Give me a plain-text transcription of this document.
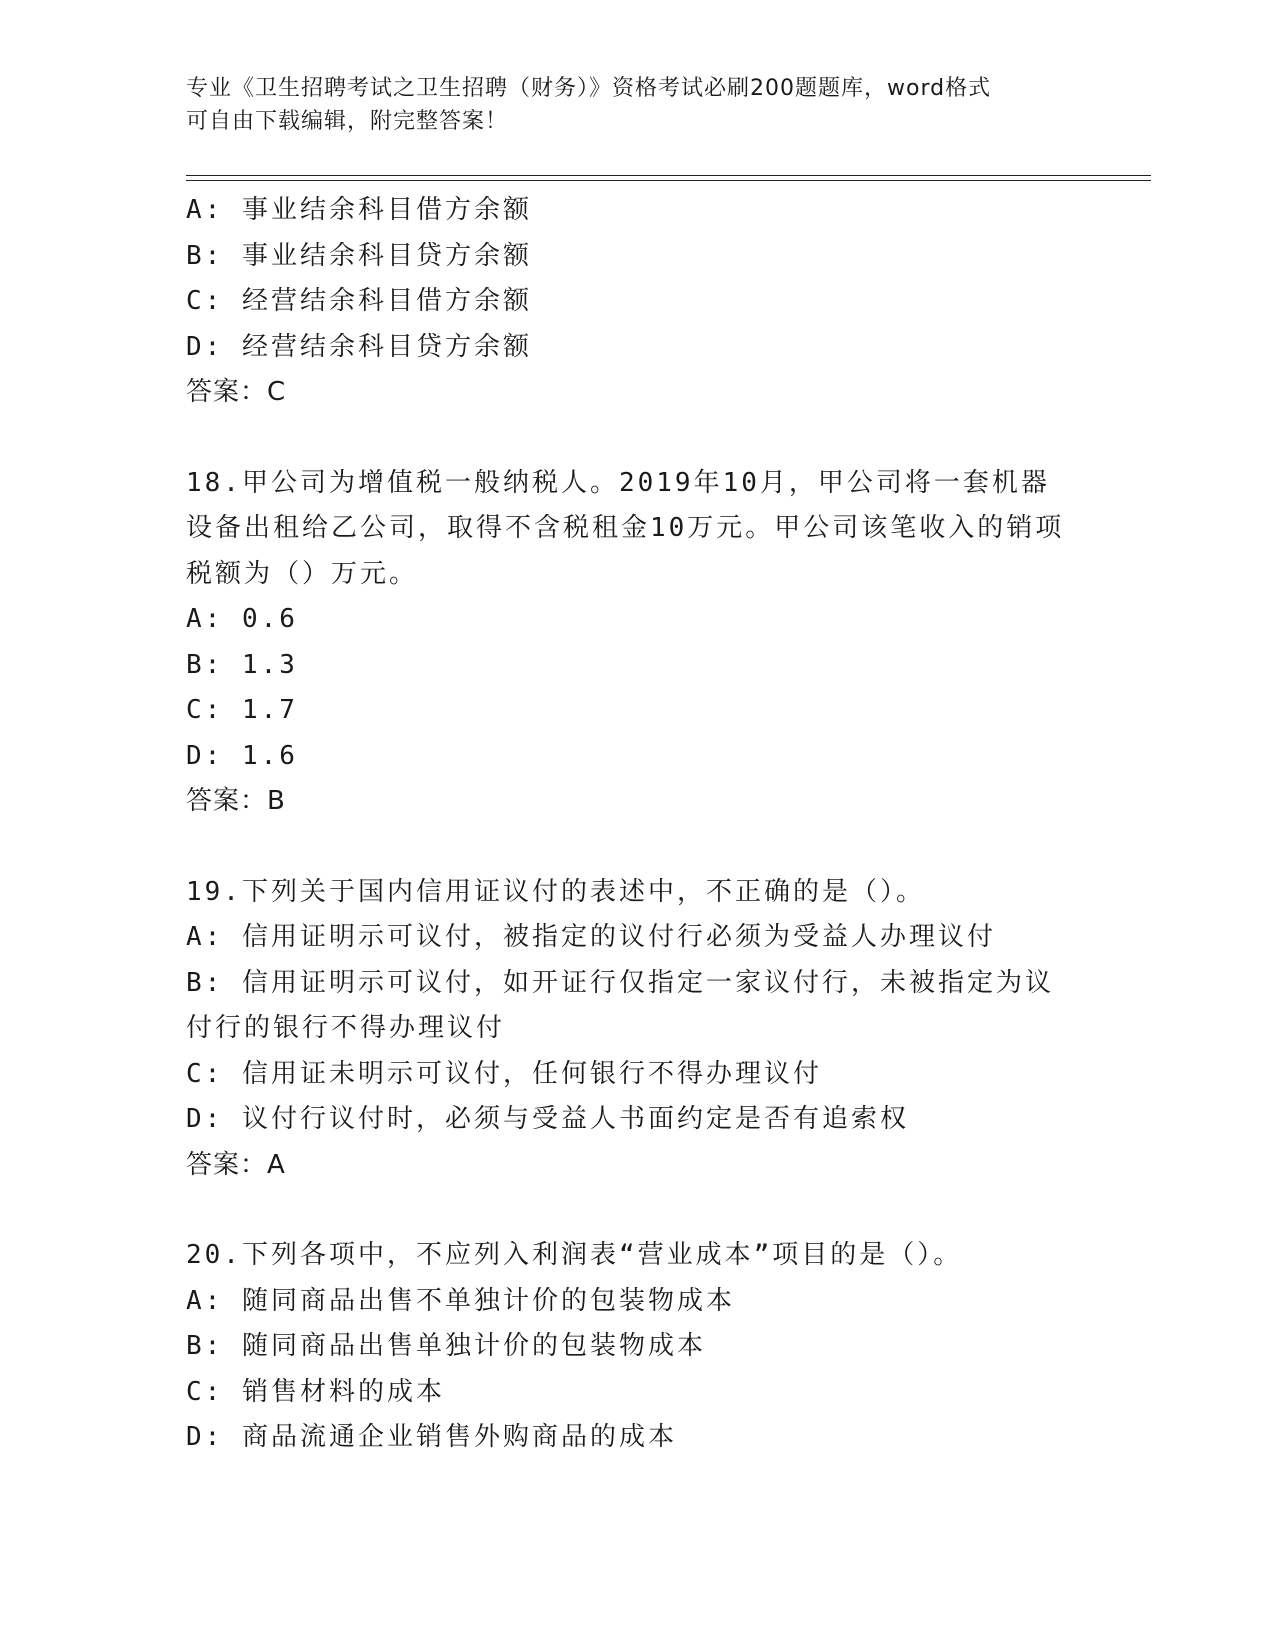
专业《卫生招聘考试之卫生招聘（财务）》资格考试必刷200题题库，word格式
可自由下载编辑，附完整答案！
A: 事业结余科目借方余额
B: 事业结余科目贷方余额
C: 经营结余科目借方余额
D: 经营结余科目贷方余额
答案：C
18.甲公司为增值税一般纳税人。2019年10月，甲公司将一套机器设备出租给乙公司，取得不含税租金10万元。甲公司该笔收入的销项税额为（）万元。
A: 0.6
B: 1.3
C: 1.7
D: 1.6
答案：B
19.下列关于国内信用证议付的表述中，不正确的是（）。
A: 信用证明示可议付，被指定的议付行必须为受益人办理议付
B: 信用证明示可议付，如开证行仅指定一家议付行，未被指定为议付行的银行不得办理议付
C: 信用证未明示可议付，任何银行不得办理议付
D: 议付行议付时，必须与受益人书面约定是否有追索权
答案：A
20.下列各项中，不应列入利润表“营业成本”项目的是（）。
A: 随同商品出售不单独计价的包装物成本
B: 随同商品出售单独计价的包装物成本
C: 销售材料的成本
D: 商品流通企业销售外购商品的成本
